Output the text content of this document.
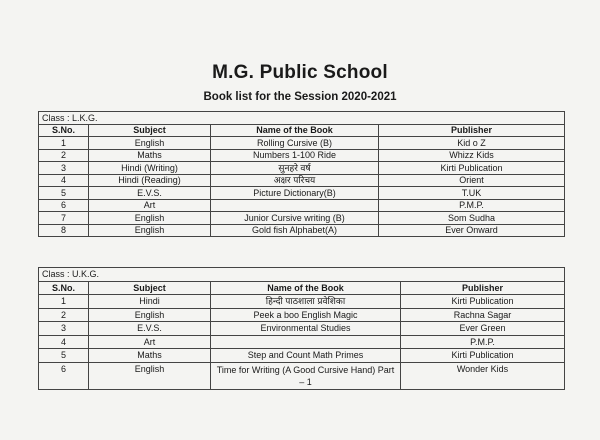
M.G. Public School
Book list for the Session 2020-2021
Class : L.K.G.			
S.No.	Subject	Name of the Book	Publisher
1	English	Rolling Cursive (B)	Kid o Z
2	Maths	Numbers 1-100 Ride	Whizz Kids
3	Hindi (Writing)	सुनहरे वर्ष	Kirti Publication
4	Hindi (Reading)	अक्षर परिचय	Orient
5	E.V.S.	Picture Dictionary(B)	T.UK
6	Art		P.M.P.
7	English	Junior Cursive writing (B)	Som Sudha
8	English	Gold fish Alphabet(A)	Ever Onward
Class : U.K.G.			
S.No.	Subject	Name of the Book	Publisher
1	Hindi	हिन्दी पाठशाला प्रवेशिका	Kirti Publication
2	English	Peek a boo English Magic	Rachna Sagar
3	E.V.S.	Environmental Studies	Ever Green
4	Art		P.M.P.
5	Maths	Step and Count Math Primes	Kirti Publication
6	English	Time for Writing (A Good Cursive Hand) Part – 1	Wonder Kids
